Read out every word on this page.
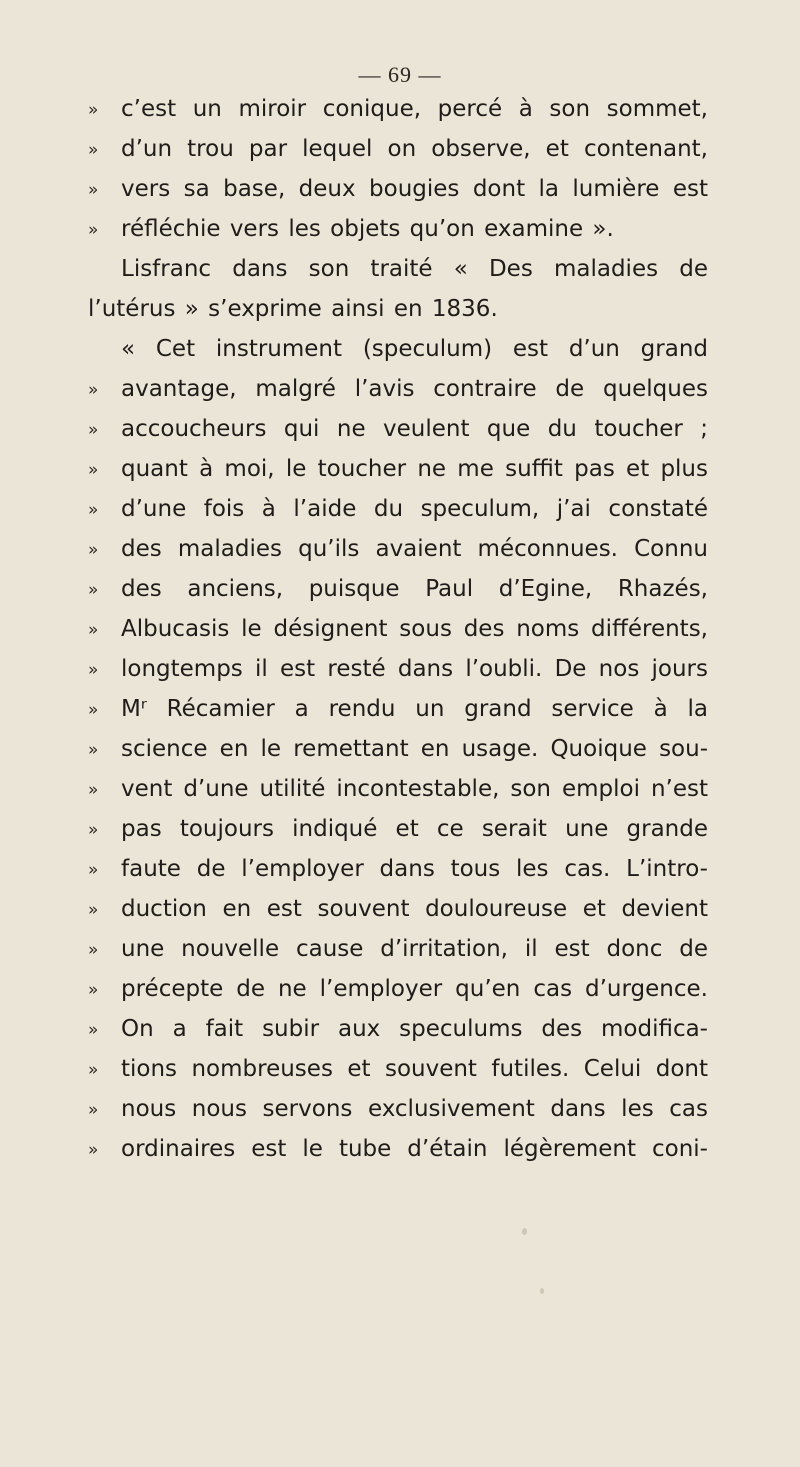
— 69 —

» c’est un miroir conique, percé à son sommet,
» d’un trou par lequel on observe, et contenant,
» vers sa base, deux bougies dont la lumière est
» réfléchie vers les objets qu’on examine ».
Lisfranc dans son traité « Des maladies de
l’utérus » s’exprime ainsi en 1836.
« Cet instrument (speculum) est d’un grand
» avantage, malgré l’avis contraire de quelques
» accoucheurs qui ne veulent que du toucher ;
» quant à moi, le toucher ne me suffit pas et plus
» d’une fois à l’aide du speculum, j’ai constaté
» des maladies qu’ils avaient méconnues. Connu
» des anciens, puisque Paul d’Egine, Rhazés,
» Albucasis le désignent sous des noms différents,
» longtemps il est resté dans l’oubli. De nos jours
» Mʳ Récamier a rendu un grand service à la
» science en le remettant en usage. Quoique sou-
» vent d’une utilité incontestable, son emploi n’est
» pas toujours indiqué et ce serait une grande
» faute de l’employer dans tous les cas. L’intro-
» duction en est souvent douloureuse et devient
» une nouvelle cause d’irritation, il est donc de
» précepte de ne l’employer qu’en cas d’urgence.
» On a fait subir aux speculums des modifica-
» tions nombreuses et souvent futiles. Celui dont
» nous nous servons exclusivement dans les cas
» ordinaires est le tube d’étain légèrement coni-
